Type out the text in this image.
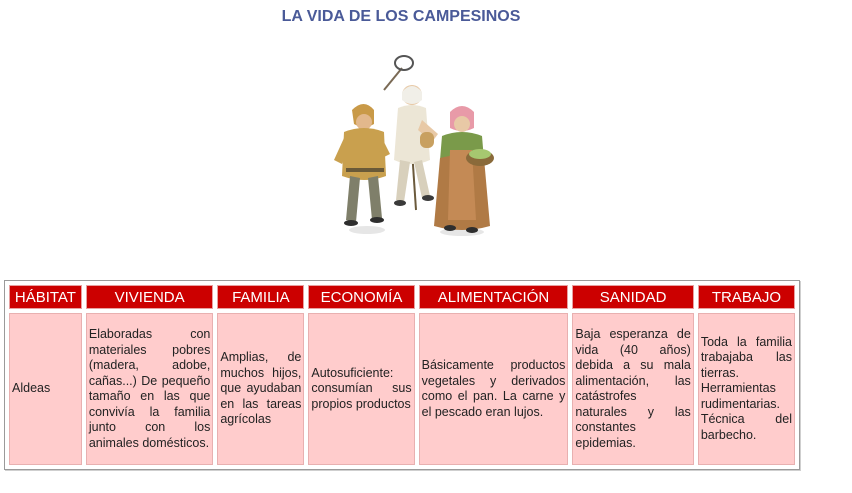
LA VIDA DE LOS CAMPESINOS
HÁBITAT	VIVIENDA	FAMILIA	ECONOMÍA	ALIMENTACIÓN	SANIDAD	TRABAJO
Aldeas	Elaboradas con materiales pobres (madera, adobe, cañas...) De pequeño tamaño en las que convivía la familia junto con los animales domésticos.	Amplias, de muchos hijos, que ayudaban en las tareas agrícolas	Autosuficiente: consumían sus propios productos	Básicamente productos vegetales y derivados como el pan. La carne y el pescado eran lujos.	Baja esperanza de vida (40 años) debida a su mala alimentación, las catástrofes naturales y las constantes epidemias.	Toda la familia trabajaba las tierras. Herramientas rudimentarias. Técnica del barbecho.
